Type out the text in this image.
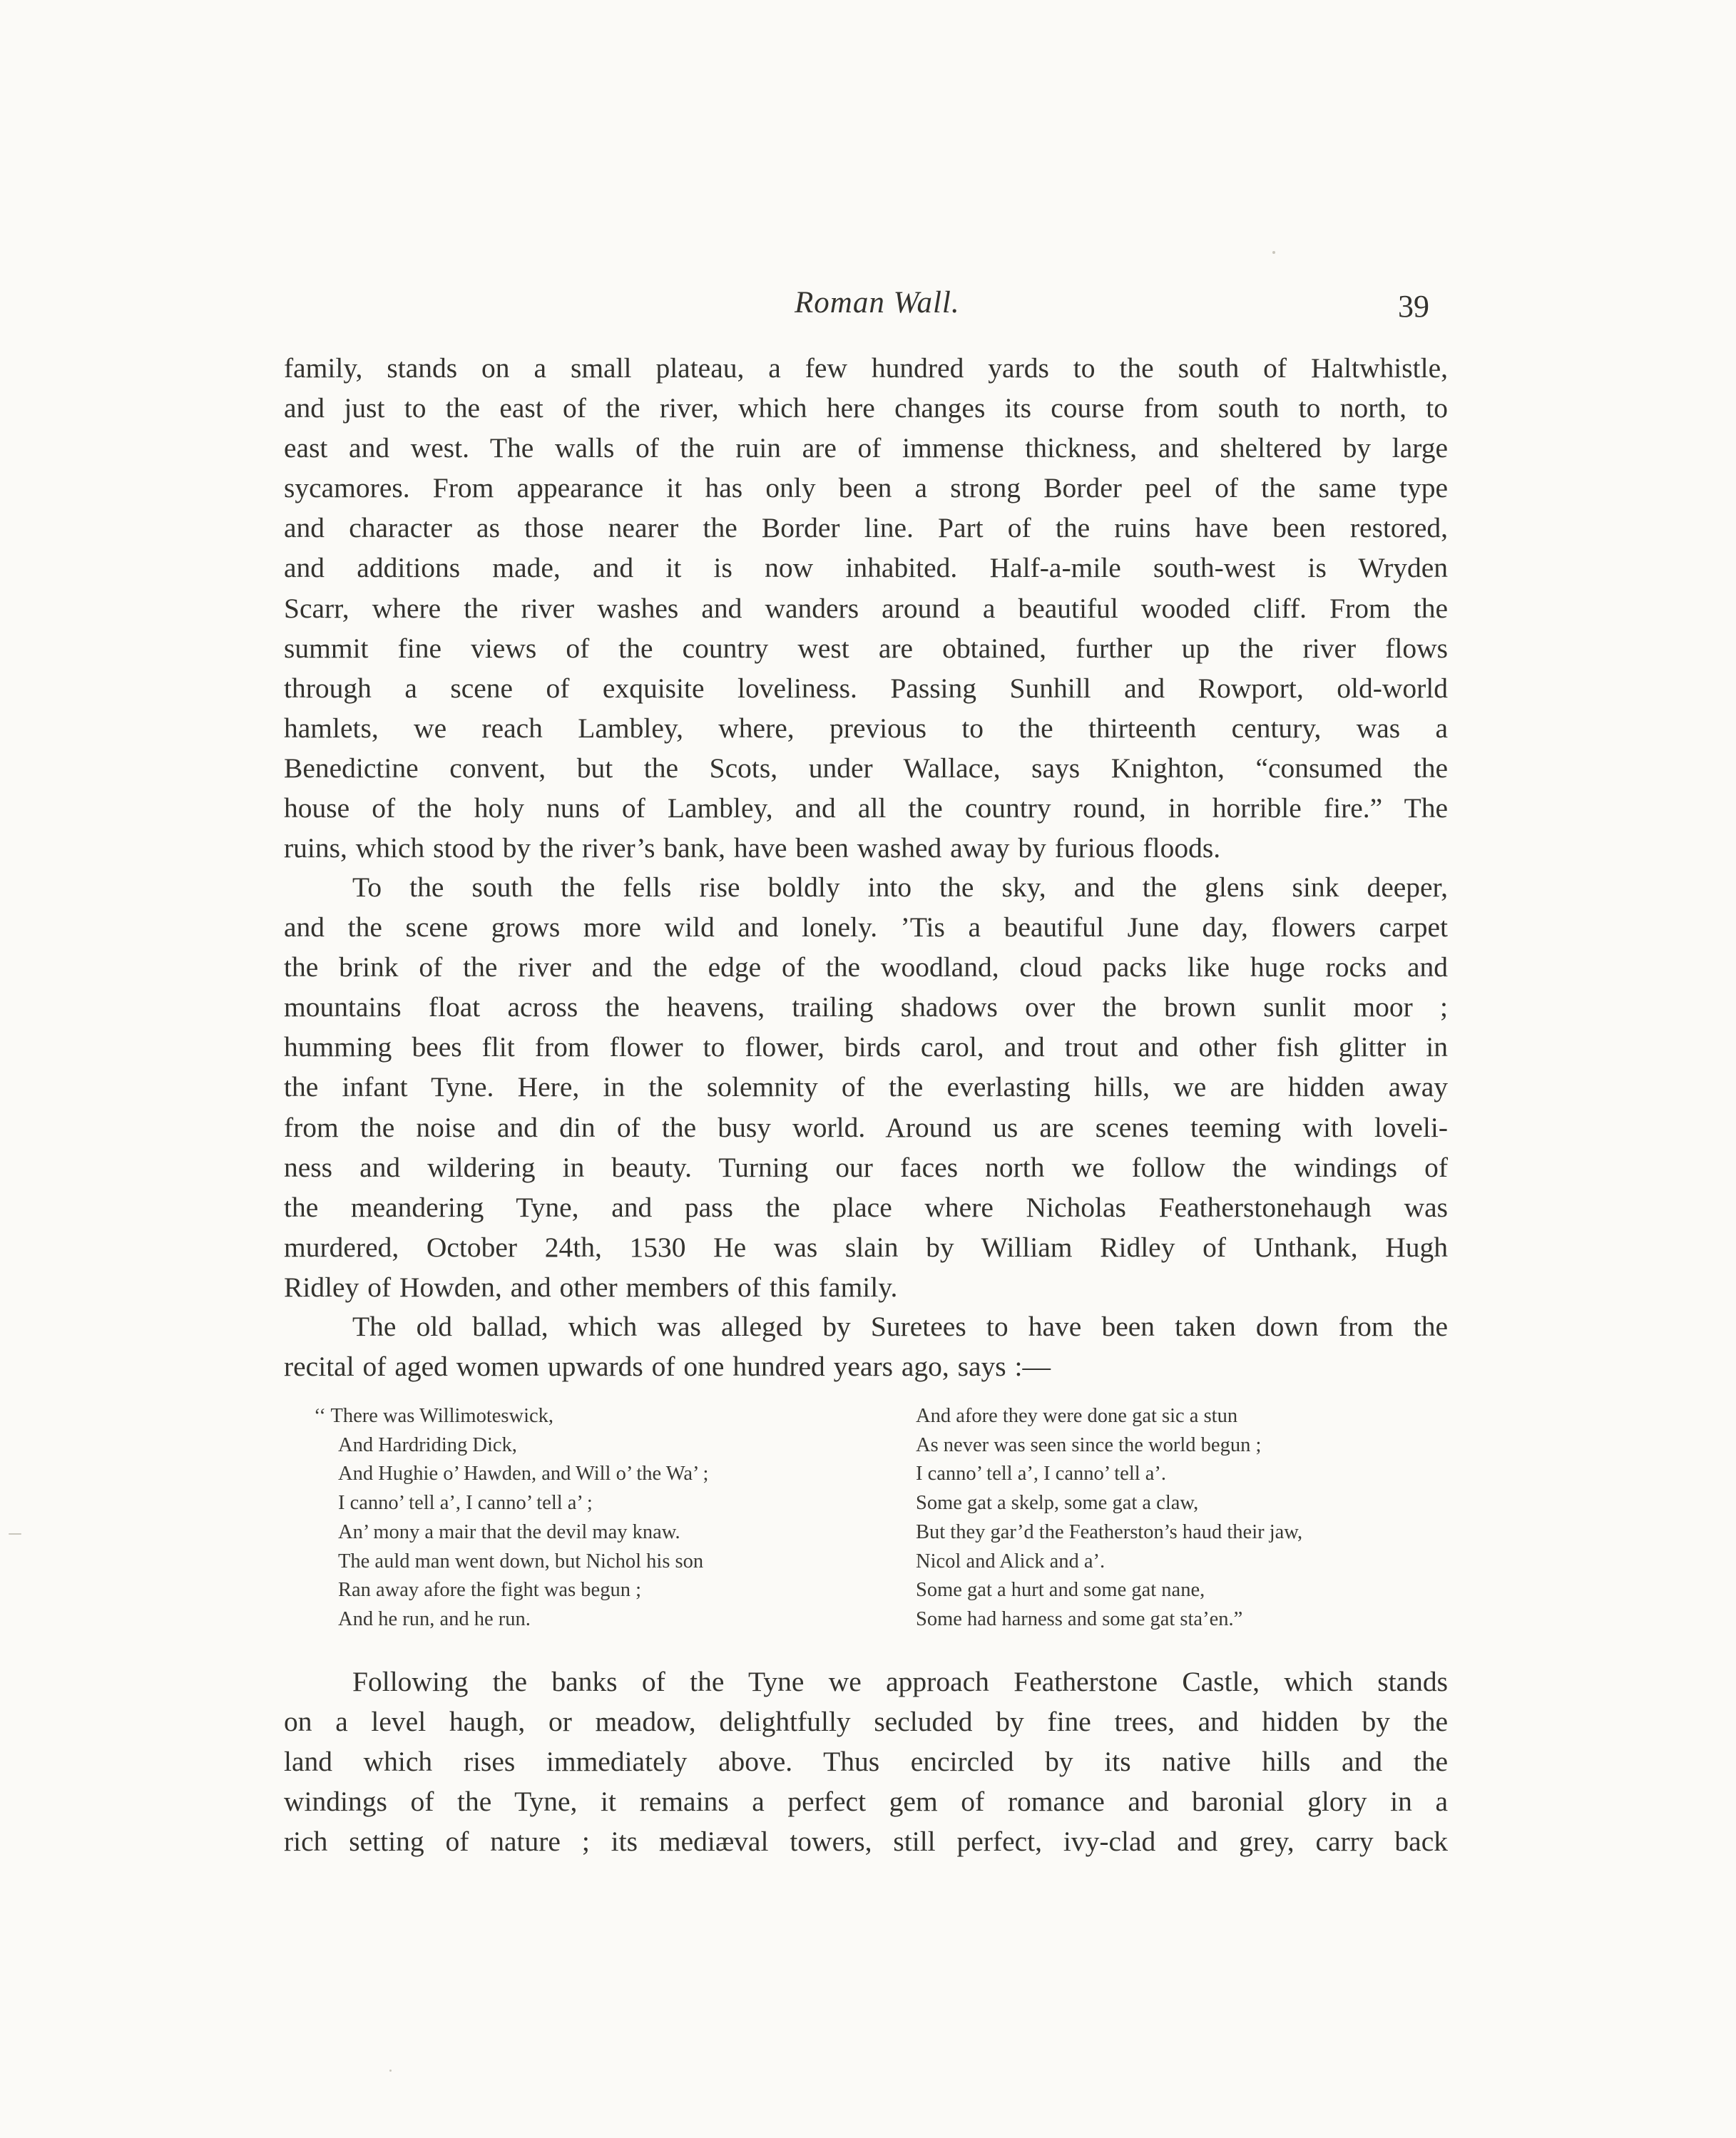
Roman Wall.	39
family, stands on a small plateau, a few hundred yards to the south of Haltwhistle,
and just to the east of the river, which here changes its course from south to north, to
east and west. The walls of the ruin are of immense thickness, and sheltered by large
sycamores. From appearance it has only been a strong Border peel of the same type
and character as those nearer the Border line. Part of the ruins have been restored,
and additions made, and it is now inhabited. Half-a-mile south-west is Wryden
Scarr, where the river washes and wanders around a beautiful wooded cliff. From the
summit fine views of the country west are obtained, further up the river flows
through a scene of exquisite loveliness. Passing Sunhill and Rowport, old-world
hamlets, we reach Lambley, where, previous to the thirteenth century, was a
Benedictine convent, but the Scots, under Wallace, says Knighton, “consumed the
house of the holy nuns of Lambley, and all the country round, in horrible fire.” The
ruins, which stood by the river’s bank, have been washed away by furious floods.
To the south the fells rise boldly into the sky, and the glens sink deeper,
and the scene grows more wild and lonely. ’Tis a beautiful June day, flowers carpet
the brink of the river and the edge of the woodland, cloud packs like huge rocks and
mountains float across the heavens, trailing shadows over the brown sunlit moor ;
humming bees flit from flower to flower, birds carol, and trout and other fish glitter in
the infant Tyne. Here, in the solemnity of the everlasting hills, we are hidden away
from the noise and din of the busy world. Around us are scenes teeming with loveli-
ness and wildering in beauty. Turning our faces north we follow the windings of
the meandering Tyne, and pass the place where Nicholas Featherstonehaugh was
murdered, October 24th, 1530 He was slain by William Ridley of Unthank, Hugh
Ridley of Howden, and other members of this family.
The old ballad, which was alleged by Suretees to have been taken down from the
recital of aged women upwards of one hundred years ago, says :—
‘‘ There was Willimoteswick,
And Hardriding Dick,
And Hughie o’ Hawden, and Will o’ the Wa’ ;
I canno’ tell a’, I canno’ tell a’ ;
An’ mony a mair that the devil may knaw.
The auld man went down, but Nichol his son
Ran away afore the fight was begun ;
And he run, and he run.
And afore they were done gat sic a stun
As never was seen since the world begun ;
I canno’ tell a’, I canno’ tell a’.
Some gat a skelp, some gat a claw,
But they gar’d the Featherston’s haud their jaw,
Nicol and Alick and a’.
Some gat a hurt and some gat nane,
Some had harness and some gat sta’en.”
Following the banks of the Tyne we approach Featherstone Castle, which stands
on a level haugh, or meadow, delightfully secluded by fine trees, and hidden by the
land which rises immediately above. Thus encircled by its native hills and the
windings of the Tyne, it remains a perfect gem of romance and baronial glory in a
rich setting of nature ; its mediæval towers, still perfect, ivy-clad and grey, carry back
